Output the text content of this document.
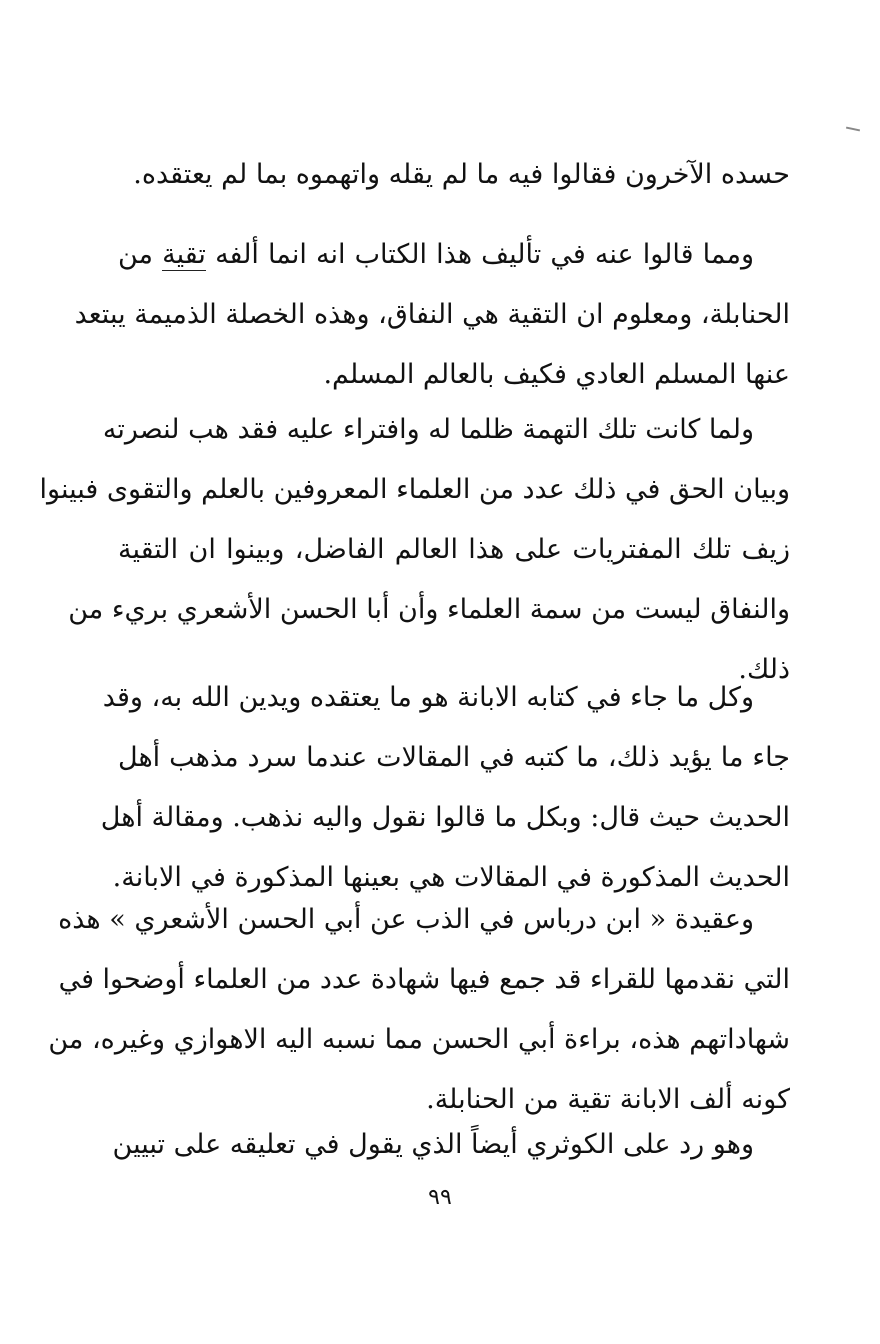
حسده الآخرون فقالوا فيه ما لم يقله واتهموه بما لم يعتقده.
ومما قالوا عنه في تأليف هذا الكتاب انه انما ألفه تقية من
الحنابلة، ومعلوم ان التقية هي النفاق، وهذه الخصلة الذميمة يبتعد
عنها المسلم العادي فكيف بالعالم المسلم.
ولما كانت تلك التهمة ظلما له وافتراء عليه فقد هب لنصرته
وبيان الحق في ذلك عدد من العلماء المعروفين بالعلم والتقوى فبينوا
زيف تلك المفتريات على هذا العالم الفاضل، وبينوا ان التقية
والنفاق ليست من سمة العلماء وأن أبا الحسن الأشعري بريء من
ذلك.
وكل ما جاء في كتابه الابانة هو ما يعتقده ويدين الله به، وقد
جاء ما يؤيد ذلك، ما كتبه في المقالات عندما سرد مذهب أهل
الحديث حيث قال: وبكل ما قالوا نقول واليه نذهب. ومقالة أهل
الحديث المذكورة في المقالات هي بعينها المذكورة في الابانة.
وعقيدة « ابن درباس في الذب عن أبي الحسن الأشعري » هذه
التي نقدمها للقراء قد جمع فيها شهادة عدد من العلماء أوضحوا في
شهاداتهم هذه، براءة أبي الحسن مما نسبه اليه الاهوازي وغيره، من
كونه ألف الابانة تقية من الحنابلة.
وهو رد على الكوثري أيضاً الذي يقول في تعليقه على تبيين
٩٩
